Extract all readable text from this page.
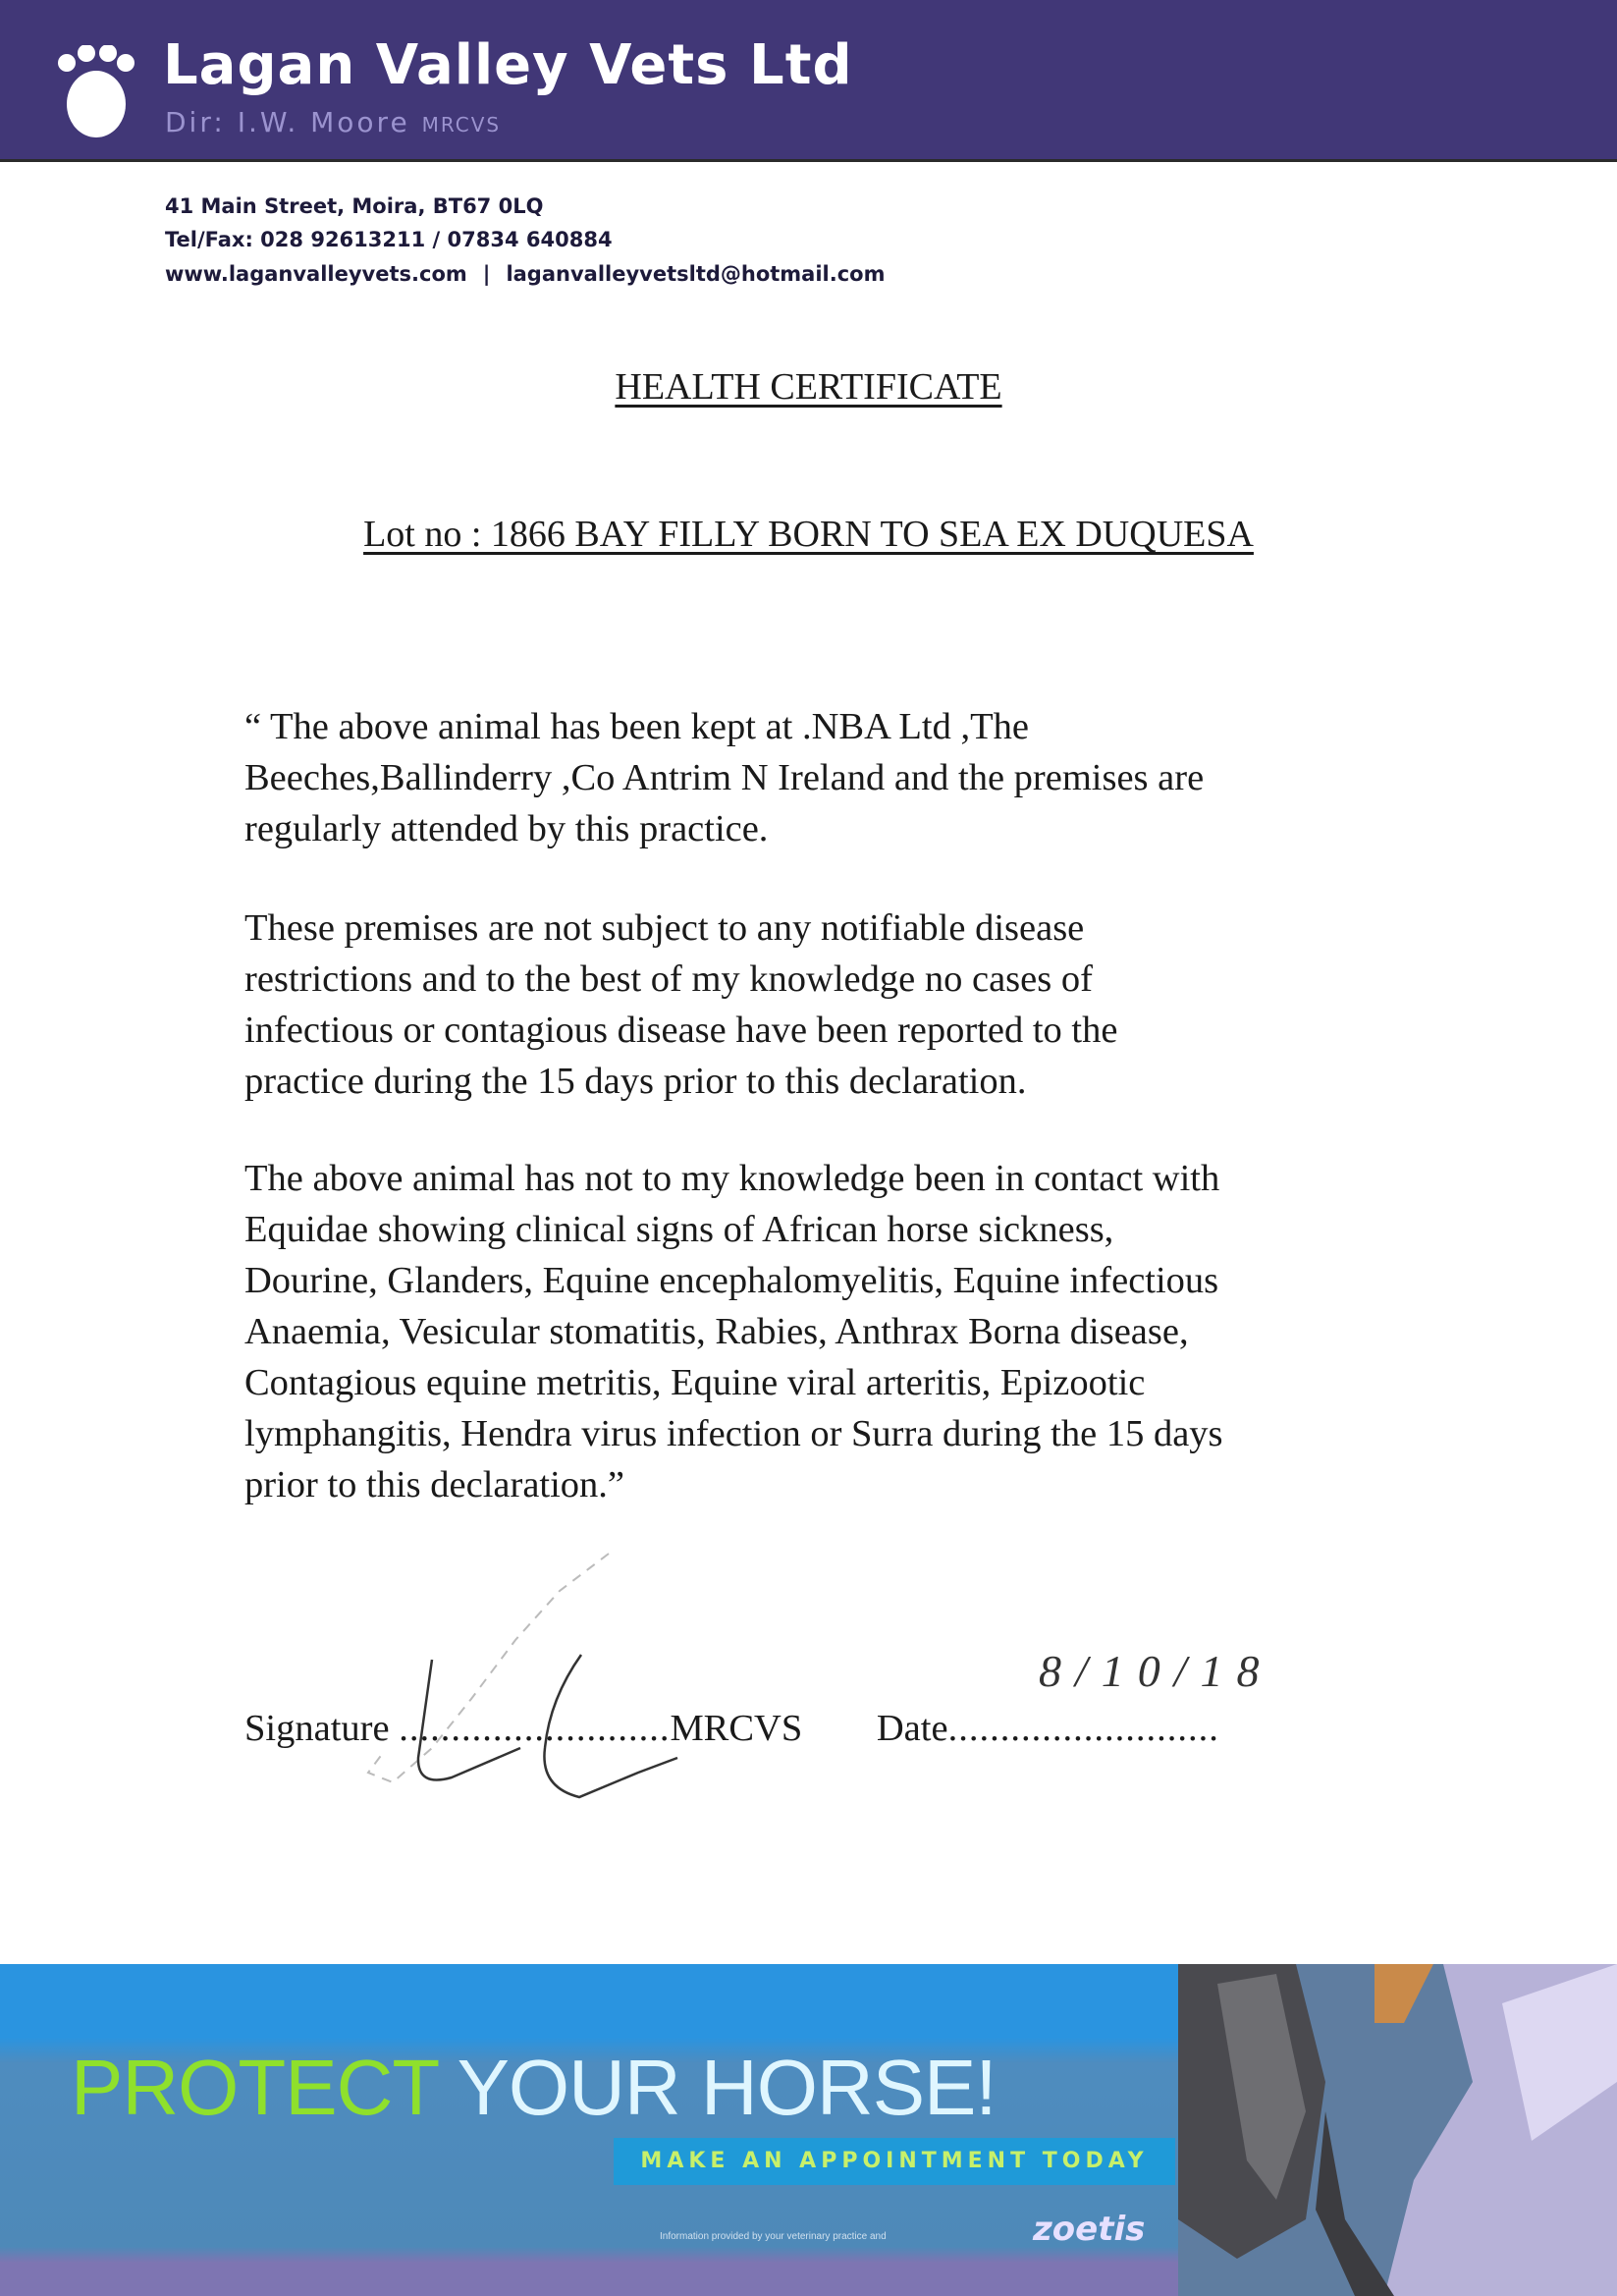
Lagan Valley Vets Ltd
Dir: I.W. Moore MRCVS
41 Main Street, Moira, BT67 0LQ
Tel/Fax: 028 92613211 / 07834 640884
www.laganvalleyvets.com | laganvalleyvetsltd@hotmail.com
HEALTH CERTIFICATE
Lot no : 1866 BAY FILLY BORN TO SEA EX DUQUESA
“ The above animal has been kept at .NBA Ltd ,The
Beeches,Ballinderry ,Co Antrim N Ireland and the premises are
regularly attended by this practice.
These premises are not subject to any notifiable disease
restrictions and to the best of my knowledge no cases of
infectious or contagious disease have been reported to the
practice during the 15 days prior to this declaration.
The above animal has not to my knowledge been in contact with
Equidae showing clinical signs of African horse sickness,
Dourine, Glanders, Equine encephalomyelitis, Equine infectious
Anaemia, Vesicular stomatitis, Rabies, Anthrax Borna disease,
Contagious equine metritis, Equine viral arteritis, Epizootic
lymphangitis, Hendra virus infection or Surra during the 15 days
prior to this declaration.”
Signature ..........................MRCVS Date..........................
8/10/18
PROTECT YOUR HORSE!
MAKE AN APPOINTMENT TODAY
Information provided by your veterinary practice and	zoetis
